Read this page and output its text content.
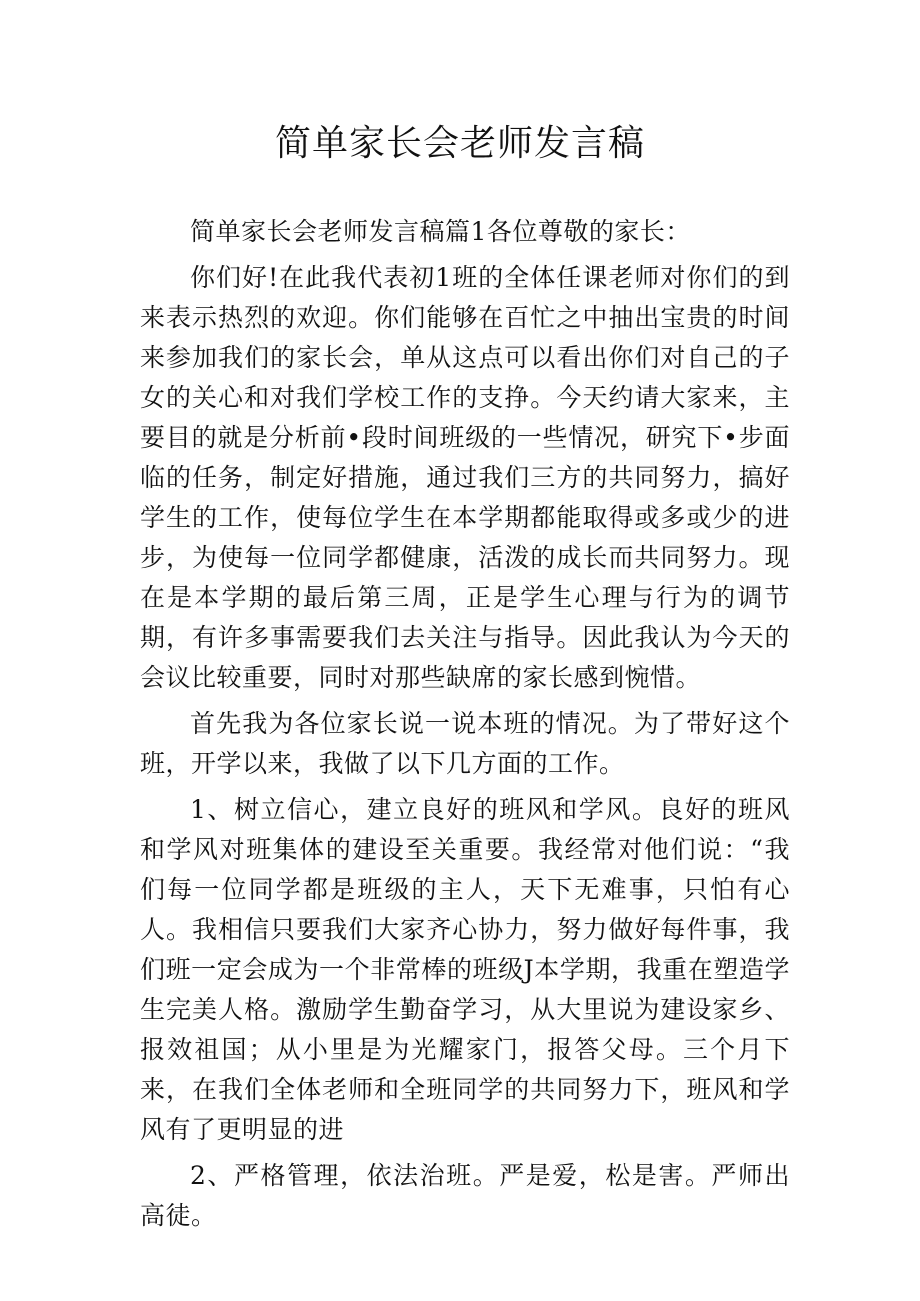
简单家长会老师发言稿

简单家长会老师发言稿篇1各位尊敬的家长：

你们好!在此我代表初1班的全体任课老师对你们的到来表示热烈的欢迎。你们能够在百忙之中抽出宝贵的时间来参加我们的家长会，单从这点可以看出你们对自己的子女的关心和对我们学校工作的支挣。今天约请大家来，主要目的就是分析前•段时间班级的一些情况，研究下•步面临的任务，制定好措施，通过我们三方的共同努力，搞好学生的工作，使每位学生在本学期都能取得或多或少的进步，为使每一位同学都健康，活泼的成长而共同努力。现在是本学期的最后第三周，正是学生心理与行为的调节期，有许多事需要我们去关注与指导。因此我认为今天的会议比较重要，同时对那些缺席的家长感到惋惜。

首先我为各位家长说一说本班的情况。为了带好这个班，开学以来，我做了以下几方面的工作。

1、树立信心，建立良好的班风和学风。良好的班风和学风对班集体的建设至关重要。我经常对他们说：“我们每一位同学都是班级的主人，天下无难事，只怕有心人。我相信只要我们大家齐心协力，努力做好每件事，我们班一定会成为一个非常棒的班级J本学期，我重在塑造学生完美人格。激励学生勤奋学习，从大里说为建设家乡、报效祖国；从小里是为光耀家门，报答父母。三个月下来，在我们全体老师和全班同学的共同努力下，班风和学风有了更明显的进

2、严格管理，依法治班。严是爱，松是害。严师出高徒。
